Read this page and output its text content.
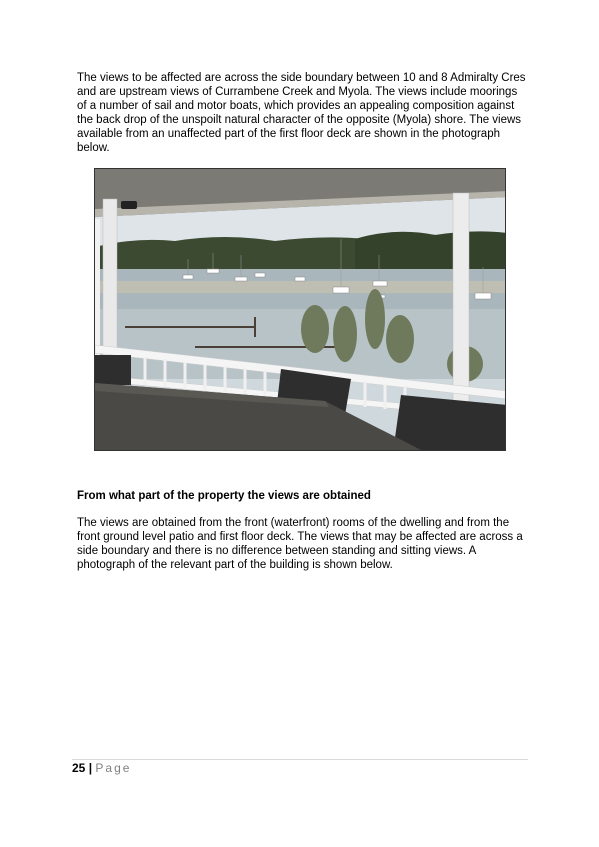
The views to be affected are across the side boundary between 10 and 8 Admiralty Cres and are upstream views of Currambene Creek and Myola. The views include moorings of a number of sail and motor boats, which provides an appealing composition against the back drop of the unspoilt natural character of the opposite (Myola) shore. The views available from an unaffected part of the first floor deck are shown in the photograph below.

From what part of the property the views are obtained

The views are obtained from the front (waterfront) rooms of the dwelling and from the front ground level patio and first floor deck. The views that may be affected are across a side boundary and there is no difference between standing and sitting views. A photograph of the relevant part of the building is shown below.

25 | Page
